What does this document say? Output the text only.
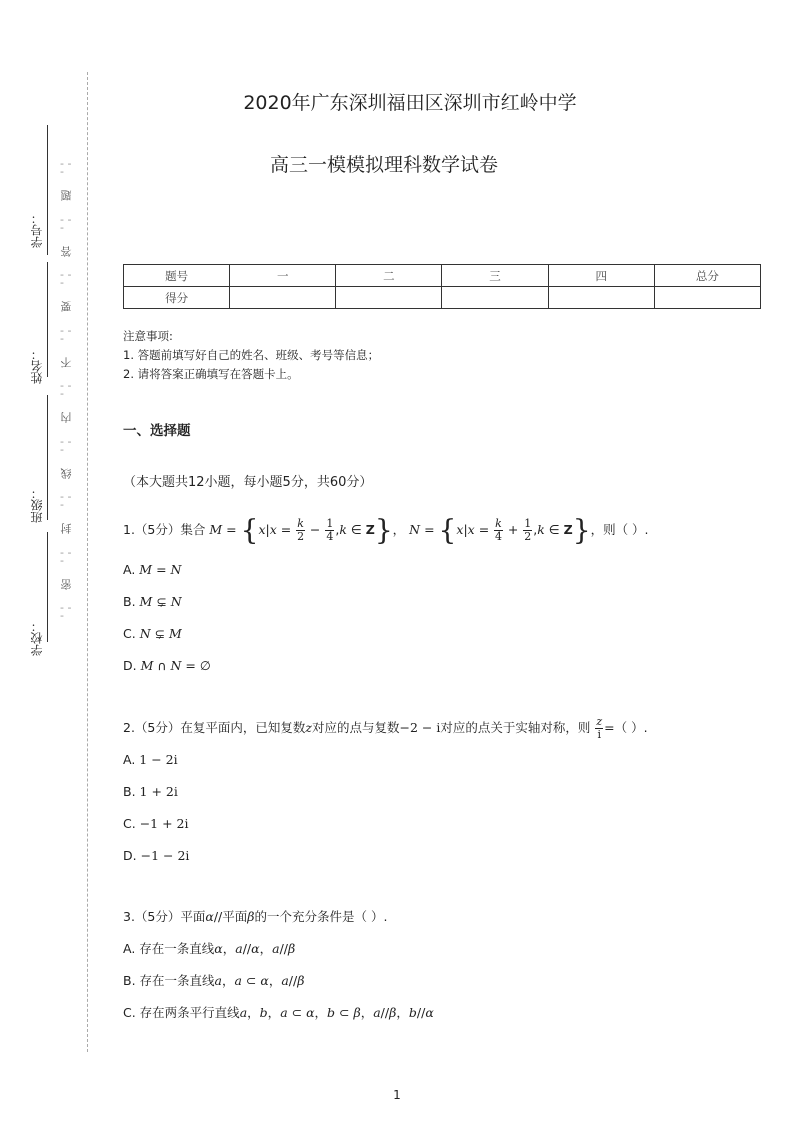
学号：
姓名：
班级：
学校：
- - -
题
- - -
答
- - -
要
- - -
不
- - -
内
- - -
线
- - -
封
- - -
密
- - -
2020年广东深圳福田区深圳市红岭中学
高三一模模拟理科数学试卷
题号	一	二	三	四	总分
得分					
注意事项:
1. 答题前填写好自己的姓名、班级、考号等信息；
2. 请将答案正确填写在答题卡上。
一、选择题
（本大题共12小题，每小题5分，共60分）
1.（5分）集合 $M = \{x|x = \frac{k}{2} - \frac{1}{4} ,k$ ∈ Z}， $N = \{x|x = \frac{k}{4} + \frac{1}{2} ,k$ ∈ Z}，则（ ）.
A. M = N
B. M ⊊ N
C. N ⊊ M
D. M ∩ N = ∅
2.（5分）在复平面内，已知复数z对应的点与复数−2 − i对应的点关于实轴对称，则 $\frac{z}{i}$ =（ ）.
A. 1 − 2i
B. 1 + 2i
C. −1 + 2i
D. −1 − 2i
3.（5分）平面α//平面β的一个充分条件是（ ）.
A. 存在一条直线α，a//α，a//β
B. 存在一条直线a，a ⊂ α，a//β
C. 存在两条平行直线a，b，a ⊂ α，b ⊂ β，a//β，b//α
1
